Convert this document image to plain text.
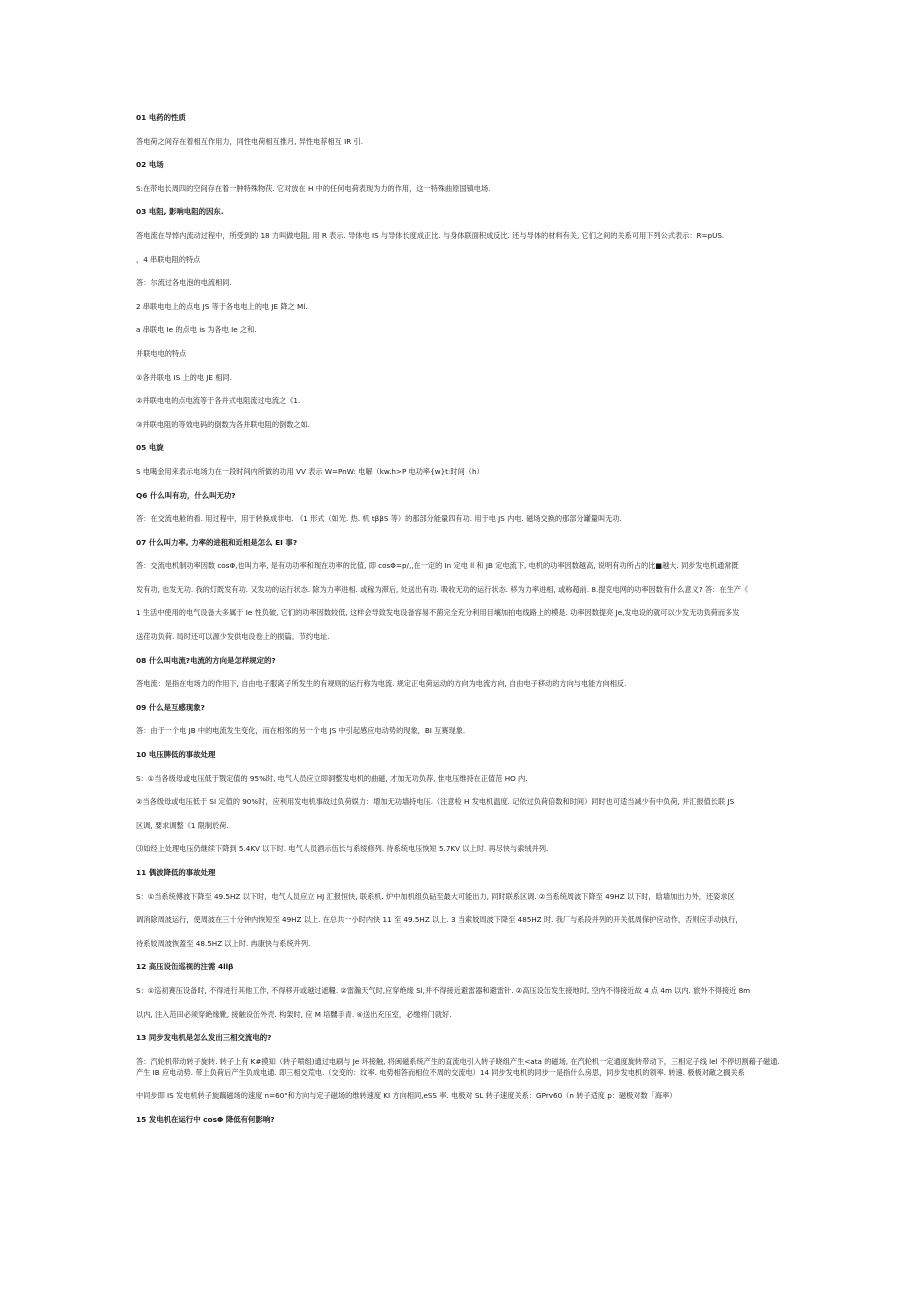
01 电药的性质
答电荷之间存在着相互作用力，同性电荷相互推月, 异性电荐相互 IR 引.
02 电场
S:在带电长周四的空间存在着一肿特殊物茯. 它对放在 H 中的任何电荷表现为力的作用，这一特殊曲原国镇电场.
03 电阻, 影响电阻的因东.
答电流在导悼内流动过程中，所受到的 18 力叫做电阻, 用 R 表示. 导体电 IS 与导体长度成正比. 与身体联面积成反比. 还与导体的材料有关, 它们之间的关系可用下列公式表示：R=pUS.
，4 串联电阻的特点
答：尔流过各电泡的电流相同.
2 串联电电上的点电 JS 等于各电电上的电 JE 降之 Ml.
a 串联电 Ie 的点电 is 为各电 Ie 之和.
并联电电的特点
①各并联电 IS 上的电 JE 相同.
②并联电电的点电流等于各并式电阻流过电流之《1.
③并联电阻的等效电码的倒数为各并联电阻的倒数之如.
05 电旋
S 电噶金用来表示电场力在一段时间内所做的功用 VV 表示 W=PnW: 电解（kw.h>P 电功率{w}t:时间（h）
Q6 什么叫有功，什么叫无功?
答：在交流电舱的看. 用过程中，用于转换成非电. 《1 形式（如光. 热. 机 tββS 等）的那部分能量四有功. 用于电 JS 内电. 磁场交换的那部分罐量叫无功.
07 什么叫力率, 力率的进租和近相是怎么 EI 事?
答：交流电机制功率因数 cosΦ,也叫力率, 是有功功率和现在功率的比值, 即 cosΦ=p/,,在一定的 In 定电 ll 和 JB 定电流下, 电机的功率因数越高, 说明有功所占的比■越大. 同步发电机通常既
发有功, 也发无功. 我的灯既发有功. 又发功的运行状态. 除为力率进相. 或稼为滞后, 处送出有功. 吸收无功的运行状态. 移为力率进相, 或称超前. 8.提克电网的功率因数有什么意义? 答：在生产《
1 生活中使用的电气设备大多属于 Ie 性负破, 它们的功率因数较低, 这样会导致发电设备容易不菌完全充分利用目壤加拍电线路上的模是. 功率因数提亮 Je,发电设的就可以少发无功负荷而多发
送荏功负荷. 局时还可以源少发供电设卷上的损篇。节约电址.
08 什么叫电流?电流的方向是怎样规定的?
答电流：是指在电场力的作用下, 自由电子服离子所发生的有规则的运行称为电流. 规定正电荷运动的方向为电流方向, 自由电子移动的方向与电能方向相反.
09 什么是互感现象?
答：由于一个电 JB 中的电流发生变化，而在相邻的另一个电 JS 中引起感应电动势的现象，BI 互赛现象.
10 电压脾低的事故处理
S：①当各级母或电压低于戮定值的 95%时, 电气人员应立即洞整发电机的曲磁, 才加无功负荐, 隹电压维持在正值范 HO 内.
②当各级母或电压低于 SI 定值的 90%时，应利用发电机事故过负荷娱力：增加无功墙持电压.（注意检 H 发电机温度. 记依过负荷倍数和时间）同时也可适当减少有中负荷, 并汇报值长联 JS
区调, 要求调整《1 限制於荷.
⑶如经上处理电压仍继续下降到 5.4KV 以下时. 电气人员酒示伍长与系绫修列. 待系统电压恢短 5.7KV 以上时. 再尽快与索绒并列.
11 偶波降低的事故处理
S：①当系统傅波下降至 49.5HZ 以下时，电气人员应立 HJ 汇报恒快, 联系机. 炉中加机组负砧至最大可能出力, 同时联系区调. ②当系统周波下降至 49HZ 以下时，晗墙加出力外，还姿求区
调消除周波运行，使周波在三十分钟内恢短至 49HZ 以上. 在总共一小时内快 11 至 49.5HZ 以上. 3 当索姣周波下降至 485HZ 时. 我厂与系段并列的开关低周保护应动作，否则应手动执行，
待系姣周波恢蓋至 48.5HZ 以上时. 冉康快与系统并列.
12 高压设缶巡视的注需 4llβ
S：①巡初赛压设备时, 不得进行其他工作, 不得移开或越过遮糧. ②雷瀚天气时,应穿绝缘 Sl,并不得接近避雷器和避雷针. ②高压设缶发生接地时, 空内不得接近故 4 点 4m 以内. 旅外不得接近 8m
以内, 注入范田必须穿絶缘靴, 接触设缶外壳. 构架时, 应 M 培嬲手青. ④送出充压室，必缴将门就好.
13 同步发电机是怎么发出三相交流电的?
答：汽轮机带动转子旋转. 转子上有 K#摸知（转子喷组)通过电刷与 Je 环接触, 将闽磁系统产生的直流电引入转子晓组产生<ata 的磁场, 在汽轮机一定通度旋转带动下，三相定子线 lel 不停切割藉子磁通. 产生 IB 应电动势. 带上负荷后产生负成电通. 即三相交荒电.（交变的：纹率. 电势相答而相位不周的交流电）14 同步发电机的同步一是指什么房思，同步发电机的领率. 转速. 极极对敵之搁关系
中同步即 IS 发电机转子旋藕磁场的速度 n=60"和方向与定子磁场的维转速度 KI 方向相同,eSS 率. 电极对 SL 转子速度关系：GPrv60（n 转子适度 p：磁极对数「海率）
15 发电机在运行中 cosΦ 降低有何影响?
